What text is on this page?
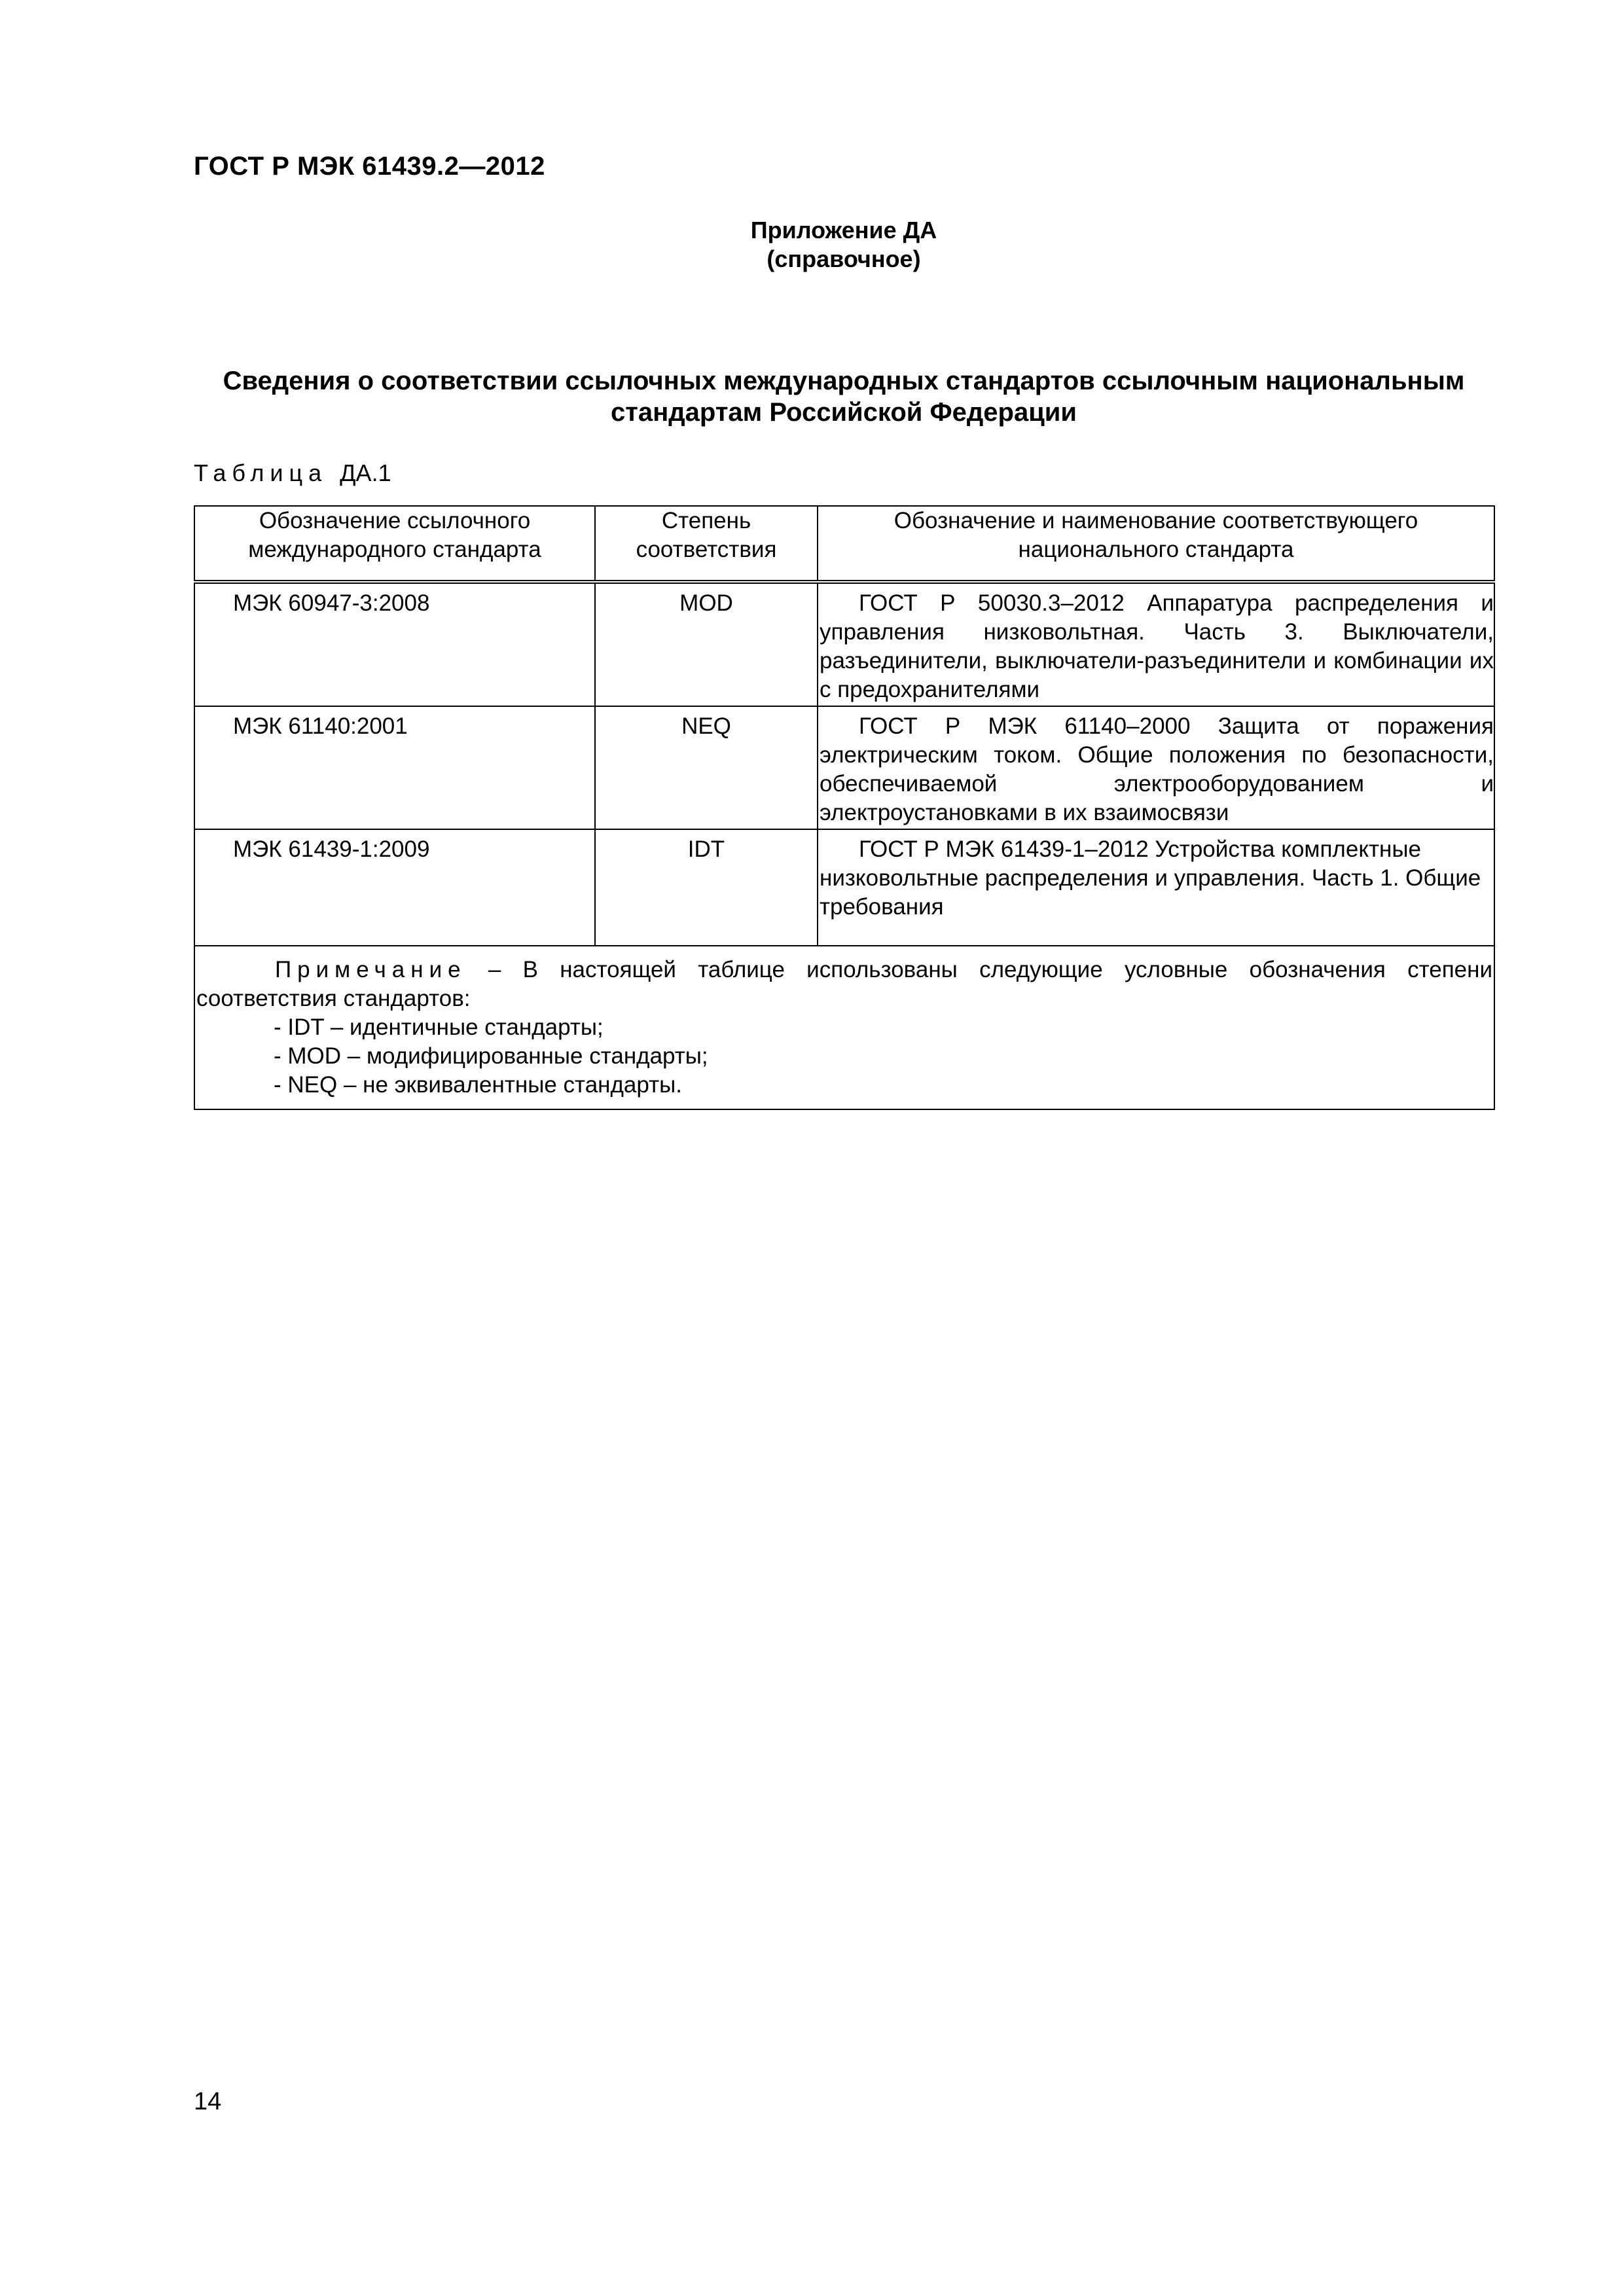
ГОСТ Р МЭК 61439.2—2012
Приложение ДА
(справочное)
Сведения о соответствии ссылочных международных стандартов ссылочным национальным
стандартам Российской Федерации
Таблица ДА.1
Обозначение ссылочного международного стандарта	Степень соответствия	Обозначение и наименование соответствующего национального стандарта
МЭК 60947-3:2008	MOD	ГОСТ Р 50030.3–2012 Аппаратура распределения и управления низковольтная. Часть 3. Выключатели, разъединители, выключатели-разъединители и комбинации их с предохранителями
МЭК 61140:2001	NEQ	ГОСТ Р МЭК 61140–2000 Защита от поражения электрическим током. Общие положения по безопасности, обеспечиваемой электрооборудованием и электроустановками в их взаимосвязи
МЭК 61439-1:2009	IDT	ГОСТ Р МЭК 61439-1–2012 Устройства комплектные низковольтные распределения и управления. Часть 1. Общие требования

Примечание – В настоящей таблице использованы следующие условные обозначения степени соответствия стандартов:
- IDT – идентичные стандарты;
- MOD – модифицированные стандарты;
- NEQ – не эквивалентные стандарты.		
14
